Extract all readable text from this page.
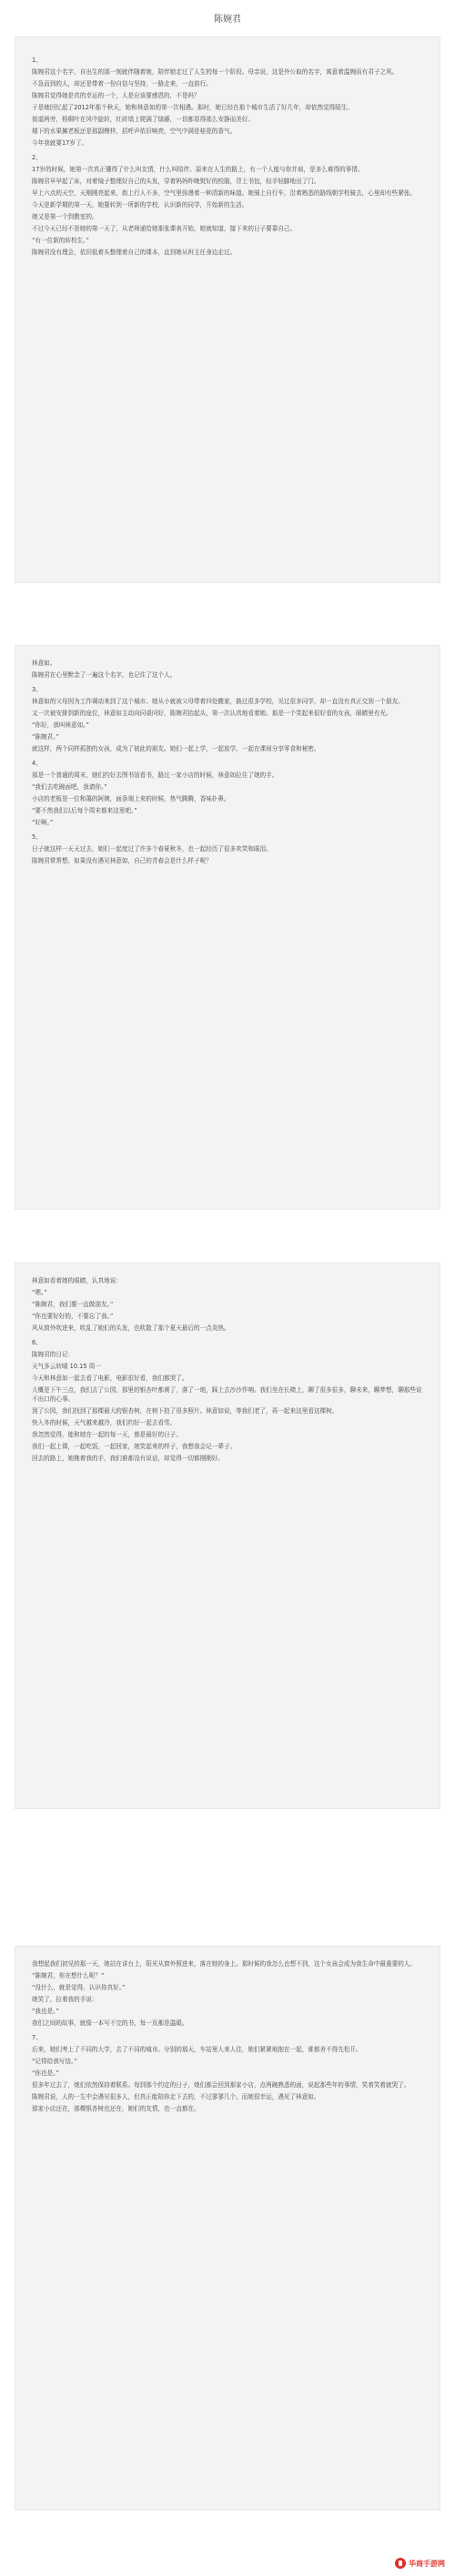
陈婉君

1、

陈婉君这个名字，自出生的那一刻就伴随着她，陪伴她走过了人生的每一个阶段。母亲说，这是外公取的名字，寓意着温婉而有君子之风。

不急而到的人，却还是带着一份自信与坚持，一路走来，一直前行。

陈婉君觉得她是真的幸运的一个，人是应该要感恩的，不是吗？

于是她回忆起了2012年那个秋天，她和林意如的第一次相遇。那时，她已经在那个城市生活了好几年，却依然觉得陌生。

街道两旁，梧桐叶在风中旋转，红砖墙上爬满了绿藤，一切都显得那么安静而美好。

楼下的水果摊老板还是那副模样，招呼声依旧响亮，空气中满是桂花的香气。

今年我就要17岁了。

2、

17岁的时候，她第一次真正懂得了什么叫友情，什么叫陪伴。原来在人生的路上，有一个人能与你并肩，是多么难得的事情。

陈婉君早早起了床，对着镜子整理好自己的头发，穿着妈妈昨晚熨好的校服，背上书包，轻手轻脚地出了门。

早上六点的天空，天刚刚亮起来，街上行人不多，空气里弥漫着一种清新的味道。她骑上自行车，沿着熟悉的路线朝学校骑去，心里却有些紧张。

今天是新学期的第一天，她要转到一所新的学校，认识新的同学，开始新的生活。

她又是第一个到教室的。

不过今天已经不是她的第一天了，从老师递给她那张课表开始，她就知道，接下来的日子要靠自己。

“有一位新的转校生。”

陈婉君没有理会，依旧低着头整理着自己的课本，直到她从班主任身边走过。

林意如。

陈婉君在心里默念了一遍这个名字，也记住了这个人。

3、

林意如的父母因为工作调动来到了这个城市。她从小就被父母带着四处搬家，换过很多学校，见过很多同学，却一直没有真正交到一个朋友。

又一次被安排到新的座位，林意如主动向同桌问好，陈婉君抬起头，第一次认真地看着她。那是一个笑起来很好看的女孩，眼睛里有光。

“你好，我叫林意如。”

“陈婉君。”

就这样，两个同样孤独的女孩，成为了彼此的朋友。她们一起上学，一起放学，一起在课间分享零食和秘密。

4、

那是一个普通的周末，她们约好去图书馆看书，路过一家小店的时候，林意如拉住了她的手。

“我们去吃碗面吧，我请你。”

小店的老板是一位和蔼的阿姨，面条端上来的时候，热气腾腾，香味扑鼻。

“要不然我们以后每个周末都来这里吧。”

“好啊。”

5、

日子就这样一天天过去，她们一起度过了许多个春夏秋冬，也一起经历了很多欢笑和眼泪。

陈婉君常常想，如果没有遇见林意如，自己的青春会是什么样子呢？

林意如看着她的眼睛，认真地说：

“嗯。”

“陈婉君，我们要一直做朋友。”

“你也要好好的，不要忘了我。”

风从窗外吹进来，吹乱了她们的头发，也吹散了那个夏天最后的一点炎热。

6、

陈婉君的日记：

天气多云转晴 10.15 周一

今天和林意如一起去看了电影，电影很好看，我们都哭了。

大概是下午三点，我们去了公园，那里的银杏叶都黄了，落了一地，踩上去沙沙作响。我们坐在长椅上，聊了很多很多，聊未来，聊梦想，聊那些说不出口的心事。

到了公园，我们找到了那棵最大的银杏树，在树下拍了很多照片。林意如说，等我们老了，再一起来这里看这棵树。

快入冬的时候，天气越来越冷，我们约好一起去看雪。

我忽然觉得，能和她在一起的每一天，都是最好的日子。

我们一起上课，一起吃饭，一起回家，她笑起来的样子，我想我会记一辈子。

回去的路上，她挽着我的手，我们谁都没有说话，却觉得一切都刚刚好。

我想起我们初见的那一天，她站在讲台上，阳光从窗外照进来，落在她的身上。那时候的我怎么也想不到，这个女孩会成为我生命中最重要的人。

“陈婉君，你在想什么呢？”

“没什么，就是觉得，认识你真好。”

她笑了，拉着我的手说：

“我也是。”

我们之间的故事，就像一本写不完的书，每一页都是温暖。

7、

后来，她们考上了不同的大学，去了不同的城市。分别的那天，车站里人来人往，她们紧紧地抱在一起，谁都舍不得先松开。

“记得给我写信。”

“你也是。”

很多年过去了，她们依然保持着联系。每到那个约定的日子，她们都会回到那家小店，点两碗熟悉的面，说起那些年的事情，笑着笑着就哭了。

陈婉君说，人的一生中会遇见很多人，但真正能陪你走下去的，不过寥寥几个。而她很幸运，遇见了林意如。

那家小店还在，那棵银杏树也还在，她们的友情，也一直都在。

华商手游网
